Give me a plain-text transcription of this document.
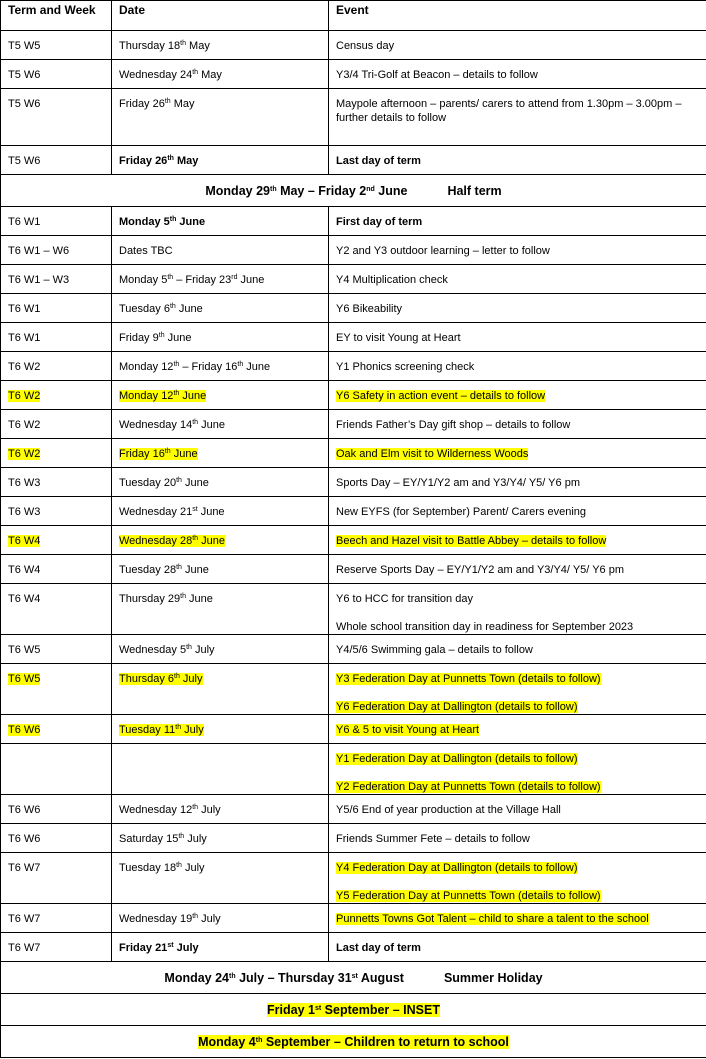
Term and Week	Date	Event
T5 W5	Thursday 18th May	Census day

T5 W6	Wednesday 24th May	Y3/4 Tri-Golf at Beacon – details to follow

T5 W6	Friday 26th May	Maypole afternoon – parents/ carers to attend from 1.30pm – 3.00pm – further details to follow

T5 W6	Friday 26th May	Last day of term

Monday 29th May – Friday 2nd June Half term		
T6 W1	Monday 5th June	First day of term

T6 W1 – W6	Dates TBC	Y2 and Y3 outdoor learning – letter to follow

T6 W1 – W3	Monday 5th – Friday 23rd June	Y4 Multiplication check

T6 W1	Tuesday 6th June	Y6 Bikeability

T6 W1	Friday 9th June	EY to visit Young at Heart

T6 W2	Monday 12th – Friday 16th June	Y1 Phonics screening check

T6 W2	Monday 12th June	Y6 Safety in action event – details to follow

T6 W2	Wednesday 14th June	Friends Father’s Day gift shop – details to follow

T6 W2	Friday 16th June	Oak and Elm visit to Wilderness Woods

T6 W3	Tuesday 20th June	Sports Day – EY/Y1/Y2 am and Y3/Y4/ Y5/ Y6 pm

T6 W3	Wednesday 21st June	New EYFS (for September) Parent/ Carers evening

T6 W4	Wednesday 28th June	Beech and Hazel visit to Battle Abbey – details to follow

T6 W4	Tuesday 28th June	Reserve Sports Day – EY/Y1/Y2 am and Y3/Y4/ Y5/ Y6 pm

T6 W4	Thursday 29th June	Y6 to HCC for transition day
Whole school transition day in readiness for September 2023

T6 W5	Wednesday 5th July	Y4/5/6 Swimming gala – details to follow

T6 W5	Thursday 6th July	Y3 Federation Day at Punnetts Town (details to follow)
Y6 Federation Day at Dallington (details to follow)

T6 W6	Tuesday 11th July	Y6 & 5 to visit Young at Heart

		Y1 Federation Day at Dallington (details to follow)
Y2 Federation Day at Punnetts Town (details to follow)

T6 W6	Wednesday 12th July	Y5/6 End of year production at the Village Hall

T6 W6	Saturday 15th July	Friends Summer Fete – details to follow

T6 W7	Tuesday 18th July	Y4 Federation Day at Dallington (details to follow)
Y5 Federation Day at Punnetts Town (details to follow)

T6 W7	Wednesday 19th July	Punnetts Towns Got Talent – child to share a talent to the school

T6 W7	Friday 21st July	Last day of term

Monday 24th July – Thursday 31st August Summer Holiday		
Friday 1st September – INSET		
Monday 4th September – Children to return to school		
